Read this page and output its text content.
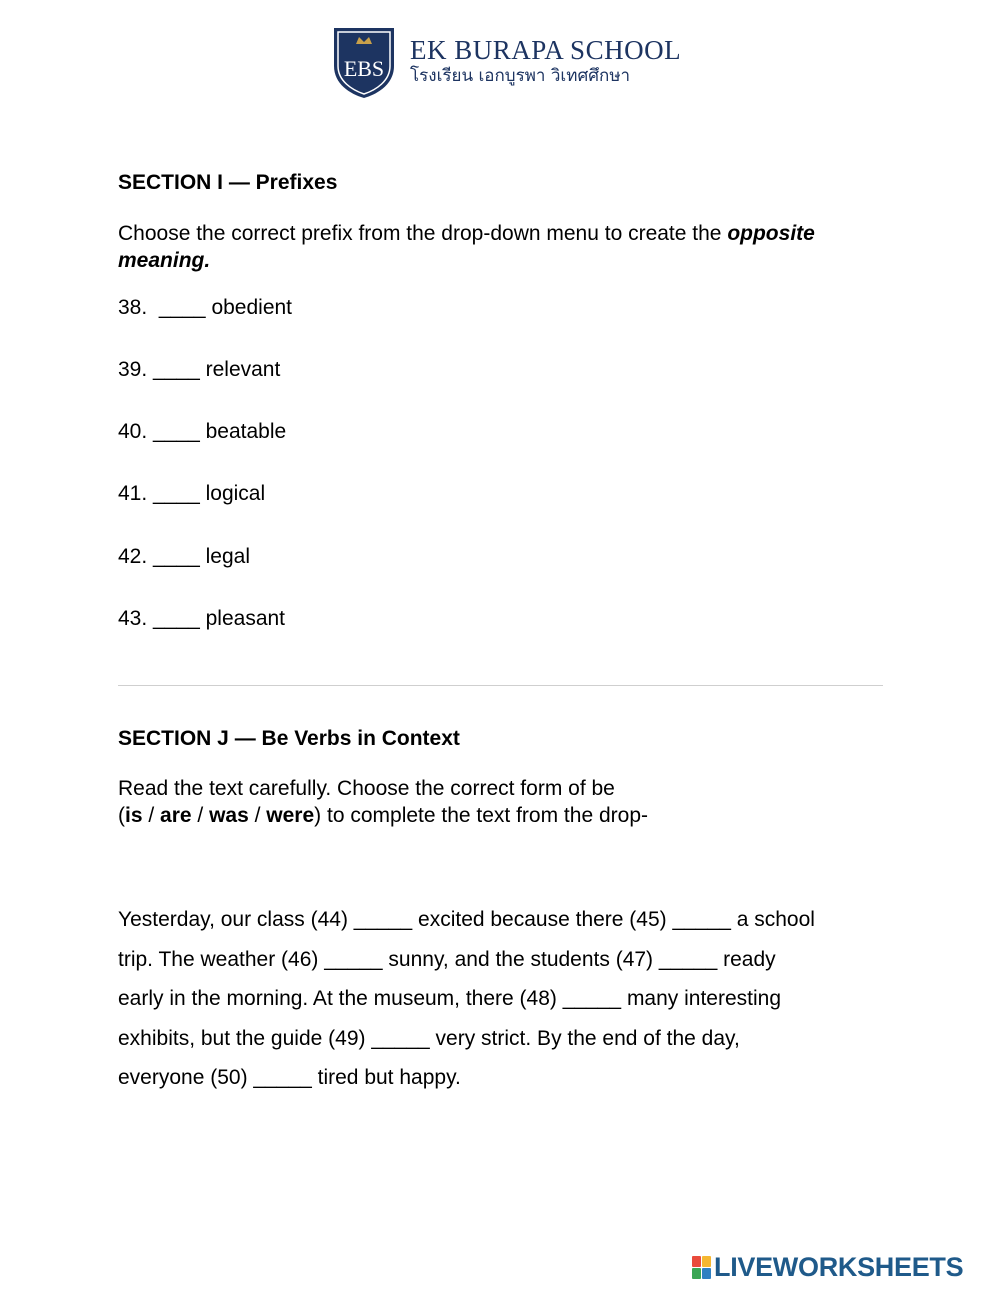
EBS
EK BURAPA SCHOOL
โรงเรียน เอกบูรพา วิเทศศึกษา
SECTION I — Prefixes
Choose the correct prefix from the drop-down menu to create the opposite
meaning.
38. ____ obedient
39. ____ relevant
40. ____ beatable
41. ____ logical
42. ____ legal
43. ____ pleasant
SECTION J — Be Verbs in Context
Read the text carefully. Choose the correct form of be
(is / are / was / were) to complete the text from the drop-
Yesterday, our class (44) _____ excited because there (45) _____ a school
trip. The weather (46) _____ sunny, and the students (47) _____ ready
early in the morning. At the museum, there (48) _____ many interesting
exhibits, but the guide (49) _____ very strict. By the end of the day,
everyone (50) _____ tired but happy.
LIVEWORKSHEETS
